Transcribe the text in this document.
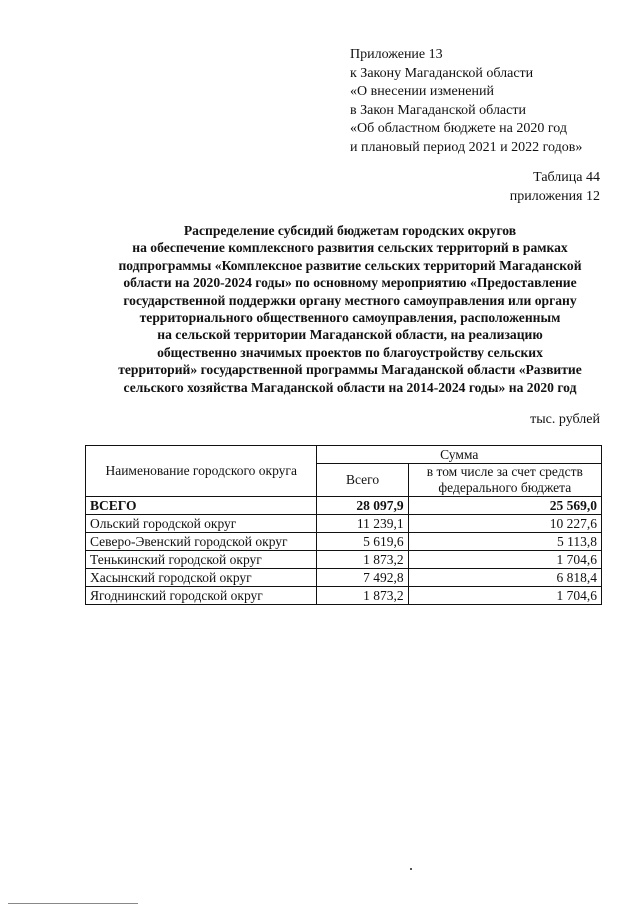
Приложение 13
к Закону Магаданской области
«О внесении изменений
в Закон Магаданской области
«Об областном бюджете на 2020 год
и плановый период 2021 и 2022 годов»
Таблица 44
приложения 12
Распределение субсидий бюджетам городских округов
на обеспечение комплексного развития сельских территорий в рамках
подпрограммы «Комплексное развитие сельских территорий Магаданской
области на 2020-2024 годы» по основному мероприятию «Предоставление
государственной поддержки органу местного самоуправления или органу
территориального общественного самоуправления, расположенным
на сельской территории Магаданской области, на реализацию
общественно значимых проектов по благоустройству сельских
территорий» государственной программы Магаданской области «Развитие
сельского хозяйства Магаданской области на 2014-2024 годы» на 2020 год
тыс. рублей
Наименование городского округа	Сумма	
	Всего	в том числе за счет средств федерального бюджета
ВСЕГО	28 097,9	25 569,0
Ольский городской округ	11 239,1	10 227,6
Северо-Эвенский городской округ	5 619,6	5 113,8
Тенькинский городской округ	1 873,2	1 704,6
Хасынский городской округ	7 492,8	6 818,4
Ягоднинский городской округ	1 873,2	1 704,6
